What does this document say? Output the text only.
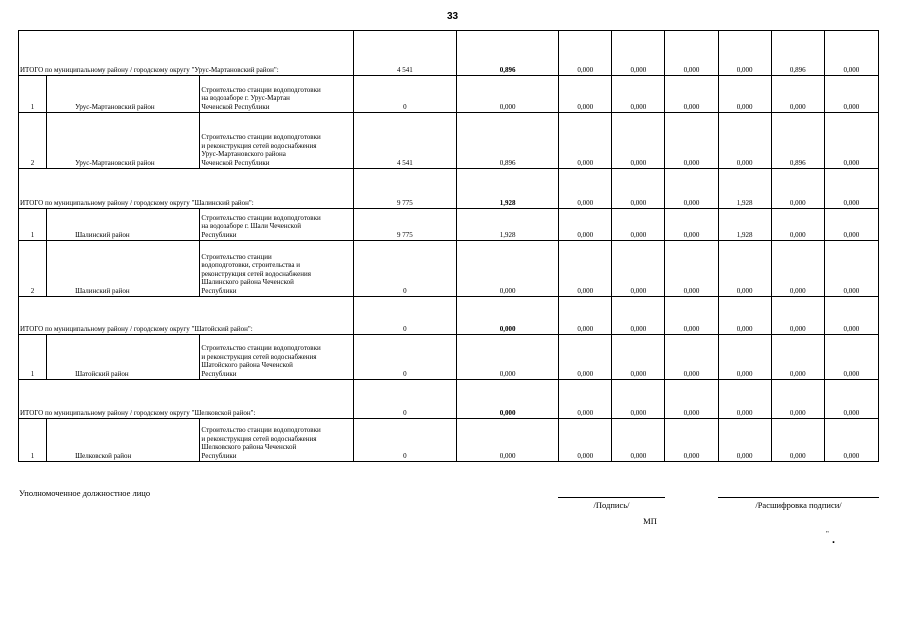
33
ИТОГО по муниципальному району / городскому округу "Урус-Мартановский район":			4 541	0,896	0,000	0,000	0,000	0,000	0,896	0,000
1	Урус-Мартановский район	Строительство станции водоподготовки
на водозаборе г. Урус-Мартан
Чеченской Республики	0	0,000	0,000	0,000	0,000	0,000	0,000	0,000
2	Урус-Мартановский район	Строительство станции водоподготовки
и реконструкция сетей водоснабжения
Урус-Мартановского района
Чеченской Республики	4 541	0,896	0,000	0,000	0,000	0,000	0,896	0,000
ИТОГО по муниципальному району / городскому округу "Шалинский район":			9 775	1,928	0,000	0,000	0,000	1,928	0,000	0,000
1	Шалинский район	Строительство станции водоподготовки
на водозаборе г. Шали Чеченской
Республики	9 775	1,928	0,000	0,000	0,000	1,928	0,000	0,000
2	Шалинский район	Строительство станции
водоподготовки, строительства и
реконструкция сетей водоснабжения
Шалинского района Чеченской
Республики	0	0,000	0,000	0,000	0,000	0,000	0,000	0,000
ИТОГО по муниципальному району / городскому округу "Шатойский район":			0	0,000	0,000	0,000	0,000	0,000	0,000	0,000
1	Шатойский район	Строительство станции водоподготовки
и реконструкция сетей водоснабжения
Шатойского района Чеченской
Республики	0	0,000	0,000	0,000	0,000	0,000	0,000	0,000
ИТОГО по муниципальному району / городскому округу "Шелковской район":			0	0,000	0,000	0,000	0,000	0,000	0,000	0,000
1	Шелковской район	Строительство станции водоподготовки
и реконструкция сетей водоснабжения
Шелковского района Чеченской
Республики	0	0,000	0,000	0,000	0,000	0,000	0,000	0,000
Уполномоченное должностное лицо
/Подпись/	/Расшифровка подписи/
МП
" .
